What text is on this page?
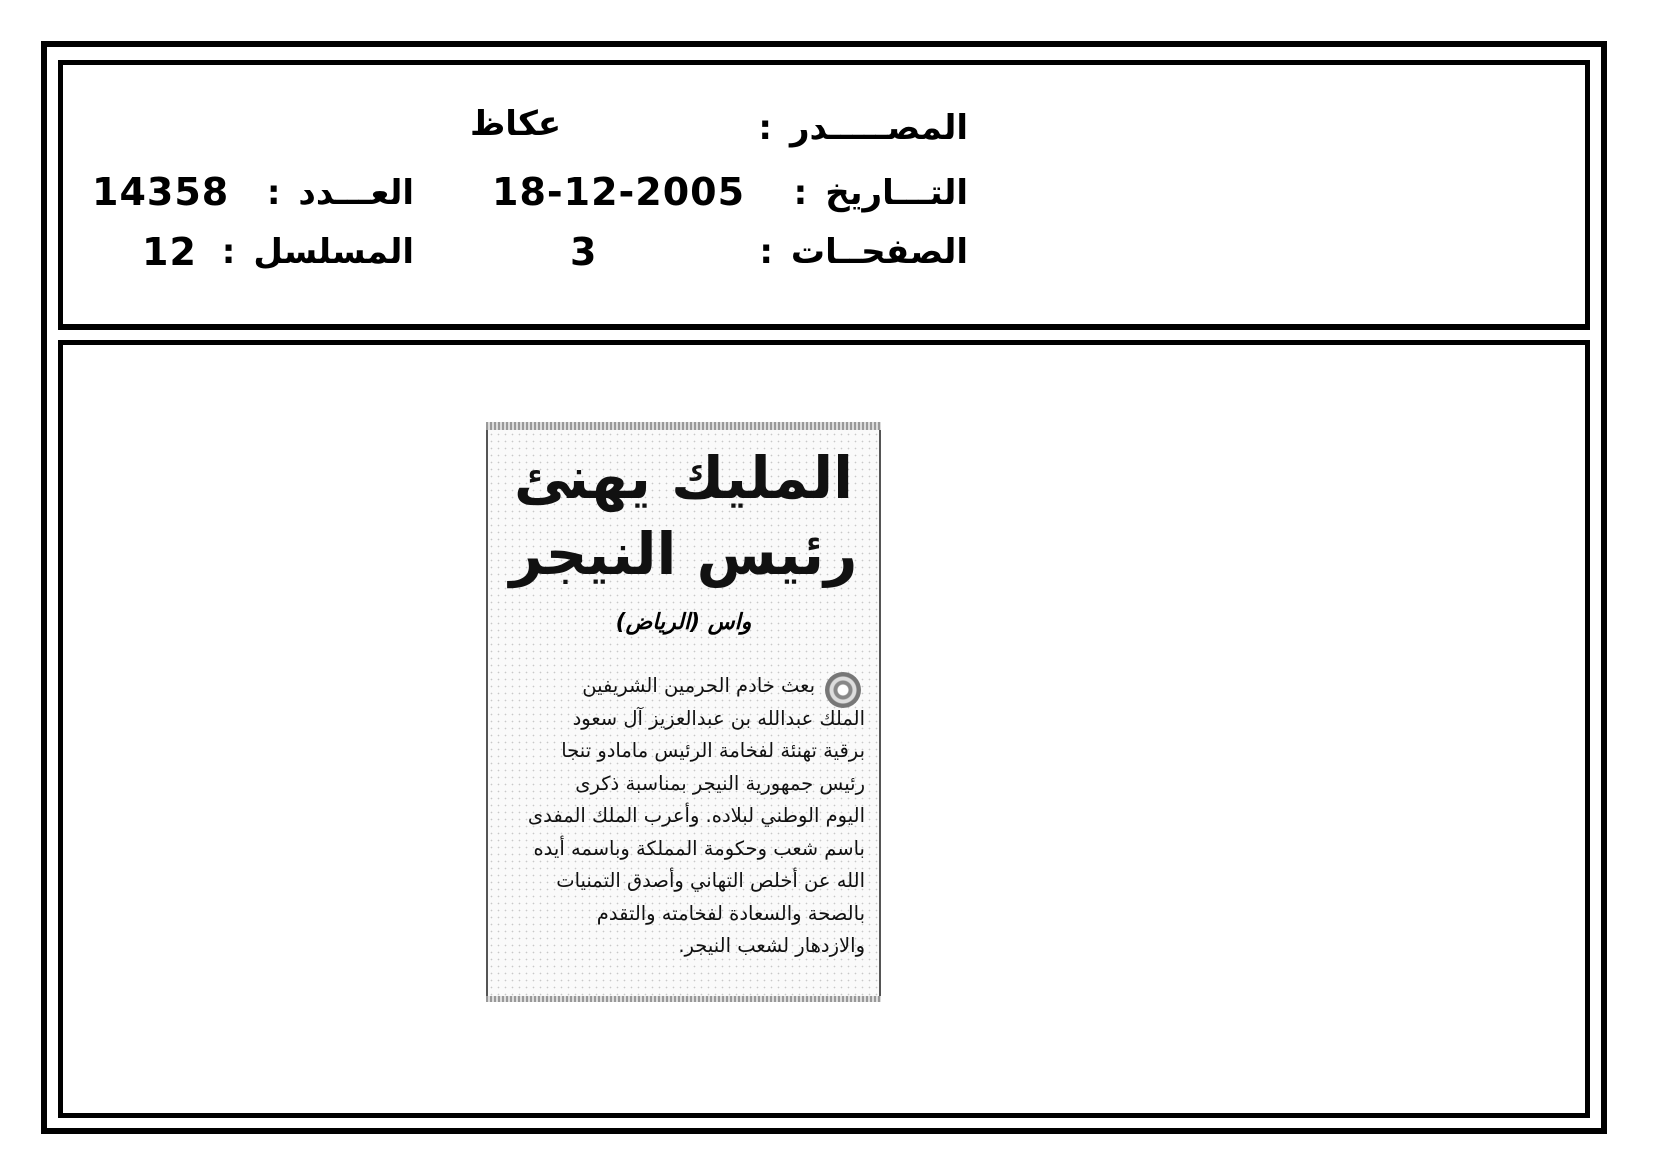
المصـــــدر:
عكاظ
التـــاريخ:
18-12-2005
العـــدد:
14358
الصفحــات:
3
المسلسل:
12
المليك يهنئ
رئيس النيجر
واس (الرياض)

بعث خادم الحرمين الشريفين

الملك عبدالله بن عبدالعزيز آل سعود

برقية تهنئة لفخامة الرئيس مامادو تنجا

رئيس جمهورية النيجر بمناسبة ذكرى

اليوم الوطني لبلاده. وأعرب الملك المفدى

باسم شعب وحكومة المملكة وباسمه أيده

الله عن أخلص التهاني وأصدق التمنيات

بالصحة والسعادة لفخامته والتقدم

والازدهار لشعب النيجر.
